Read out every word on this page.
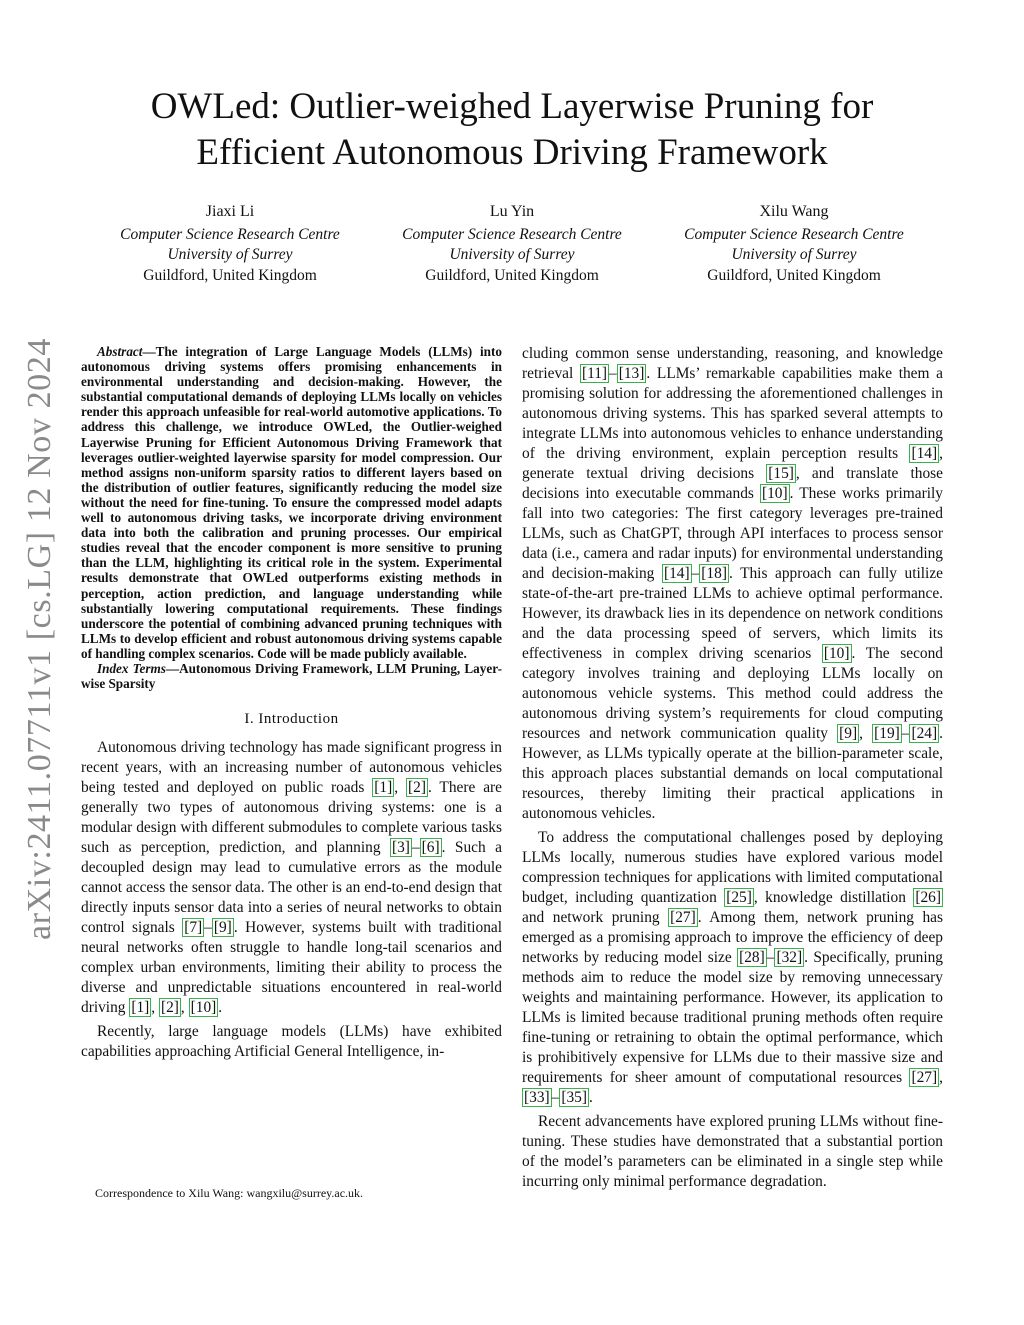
OWLed: Outlier-weighed Layerwise Pruning for
Efficient Autonomous Driving Framework
Jiaxi Li
Computer Science Research Centre
University of Surrey
Guildford, United Kingdom
Lu Yin
Computer Science Research Centre
University of Surrey
Guildford, United Kingdom
Xilu Wang
Computer Science Research Centre
University of Surrey
Guildford, United Kingdom
arXiv:2411.07711v1 [cs.LG] 12 Nov 2024	Abstract—The integration of Large Language Models (LLMs) into autonomous driving systems offers promising enhancements in environmental understanding and decision-making. However, the substantial computational demands of deploying LLMs locally on vehicles render this approach unfeasible for real-world automotive applications. To address this challenge, we introduce OWLed, the Outlier-weighed Layerwise Pruning for Efficient Autonomous Driving Framework that leverages outlier-weighted layerwise sparsity for model compression. Our method assigns non-uniform sparsity ratios to different layers based on the distribution of outlier features, significantly reducing the model size without the need for fine-tuning. To ensure the compressed model adapts well to autonomous driving tasks, we incorporate driving environment data into both the calibration and pruning processes. Our empirical studies reveal that the encoder component is more sensitive to pruning than the LLM, highlighting its critical role in the system. Experimental results demonstrate that OWLed outperforms existing methods in perception, action prediction, and language understanding while substantially lowering computational requirements. These findings underscore the potential of combining advanced pruning techniques with LLMs to develop efficient and robust autonomous driving systems capable of handling complex scenarios. Code will be made publicly available.

Index Terms—Autonomous Driving Framework, LLM Pruning, Layer-wise Sparsity

I. Introduction

Autonomous driving technology has made significant progress in recent years, with an increasing number of autonomous vehicles being tested and deployed on public roads [1] , [2] . There are generally two types of autonomous driving systems: one is a modular design with different submodules to complete various tasks such as perception, prediction, and planning [3] – [6] . Such a decoupled design may lead to cumulative errors as the module cannot access the sensor data. The other is an end-to-end design that directly inputs sensor data into a series of neural networks to obtain control signals [7] – [9] . However, systems built with traditional neural networks often struggle to handle long-tail scenarios and complex urban environments, limiting their ability to process the diverse and unpredictable situations encountered in real-world driving [1] , [2] , [10] .

Recently, large language models (LLMs) have exhibited capabilities approaching Artificial General Intelligence, in-

cluding common sense understanding, reasoning, and knowledge retrieval [11] – [13] . LLMs’ remarkable capabilities make them a promising solution for addressing the aforementioned challenges in autonomous driving systems. This has sparked several attempts to integrate LLMs into autonomous vehicles to enhance understanding of the driving environment, explain perception results [14] , generate textual driving decisions [15] , and translate those decisions into executable commands [10] . These works primarily fall into two categories: The first category leverages pre-trained LLMs, such as ChatGPT, through API interfaces to process sensor data (i.e., camera and radar inputs) for environmental understanding and decision-making [14] – [18] . This approach can fully utilize state-of-the-art pre-trained LLMs to achieve optimal performance. However, its drawback lies in its dependence on network conditions and the data processing speed of servers, which limits its effectiveness in complex driving scenarios [10] . The second category involves training and deploying LLMs locally on autonomous vehicle systems. This method could address the autonomous driving system’s requirements for cloud computing resources and network communication quality [9] , [19] – [24] . However, as LLMs typically operate at the billion-parameter scale, this approach places substantial demands on local computational resources, thereby limiting their practical applications in autonomous vehicles.

To address the computational challenges posed by deploying LLMs locally, numerous studies have explored various model compression techniques for applications with limited computational budget, including quantization [25] , knowledge distillation [26] and network pruning [27] . Among them, network pruning has emerged as a promising approach to improve the efficiency of deep networks by reducing model size [28] – [32] . Specifically, pruning methods aim to reduce the model size by removing unnecessary weights and maintaining performance. However, its application to LLMs is limited because traditional pruning methods often require fine-tuning or retraining to obtain the optimal performance, which is prohibitively expensive for LLMs due to their massive size and requirements for sheer amount of computational resources [27] , [33] – [35] .

Recent advancements have explored pruning LLMs without fine-tuning. These studies have demonstrated that a substantial portion of the model’s parameters can be eliminated in a single step while incurring only minimal performance degradation.

Correspondence to Xilu Wang: wangxilu@surrey.ac.uk.
